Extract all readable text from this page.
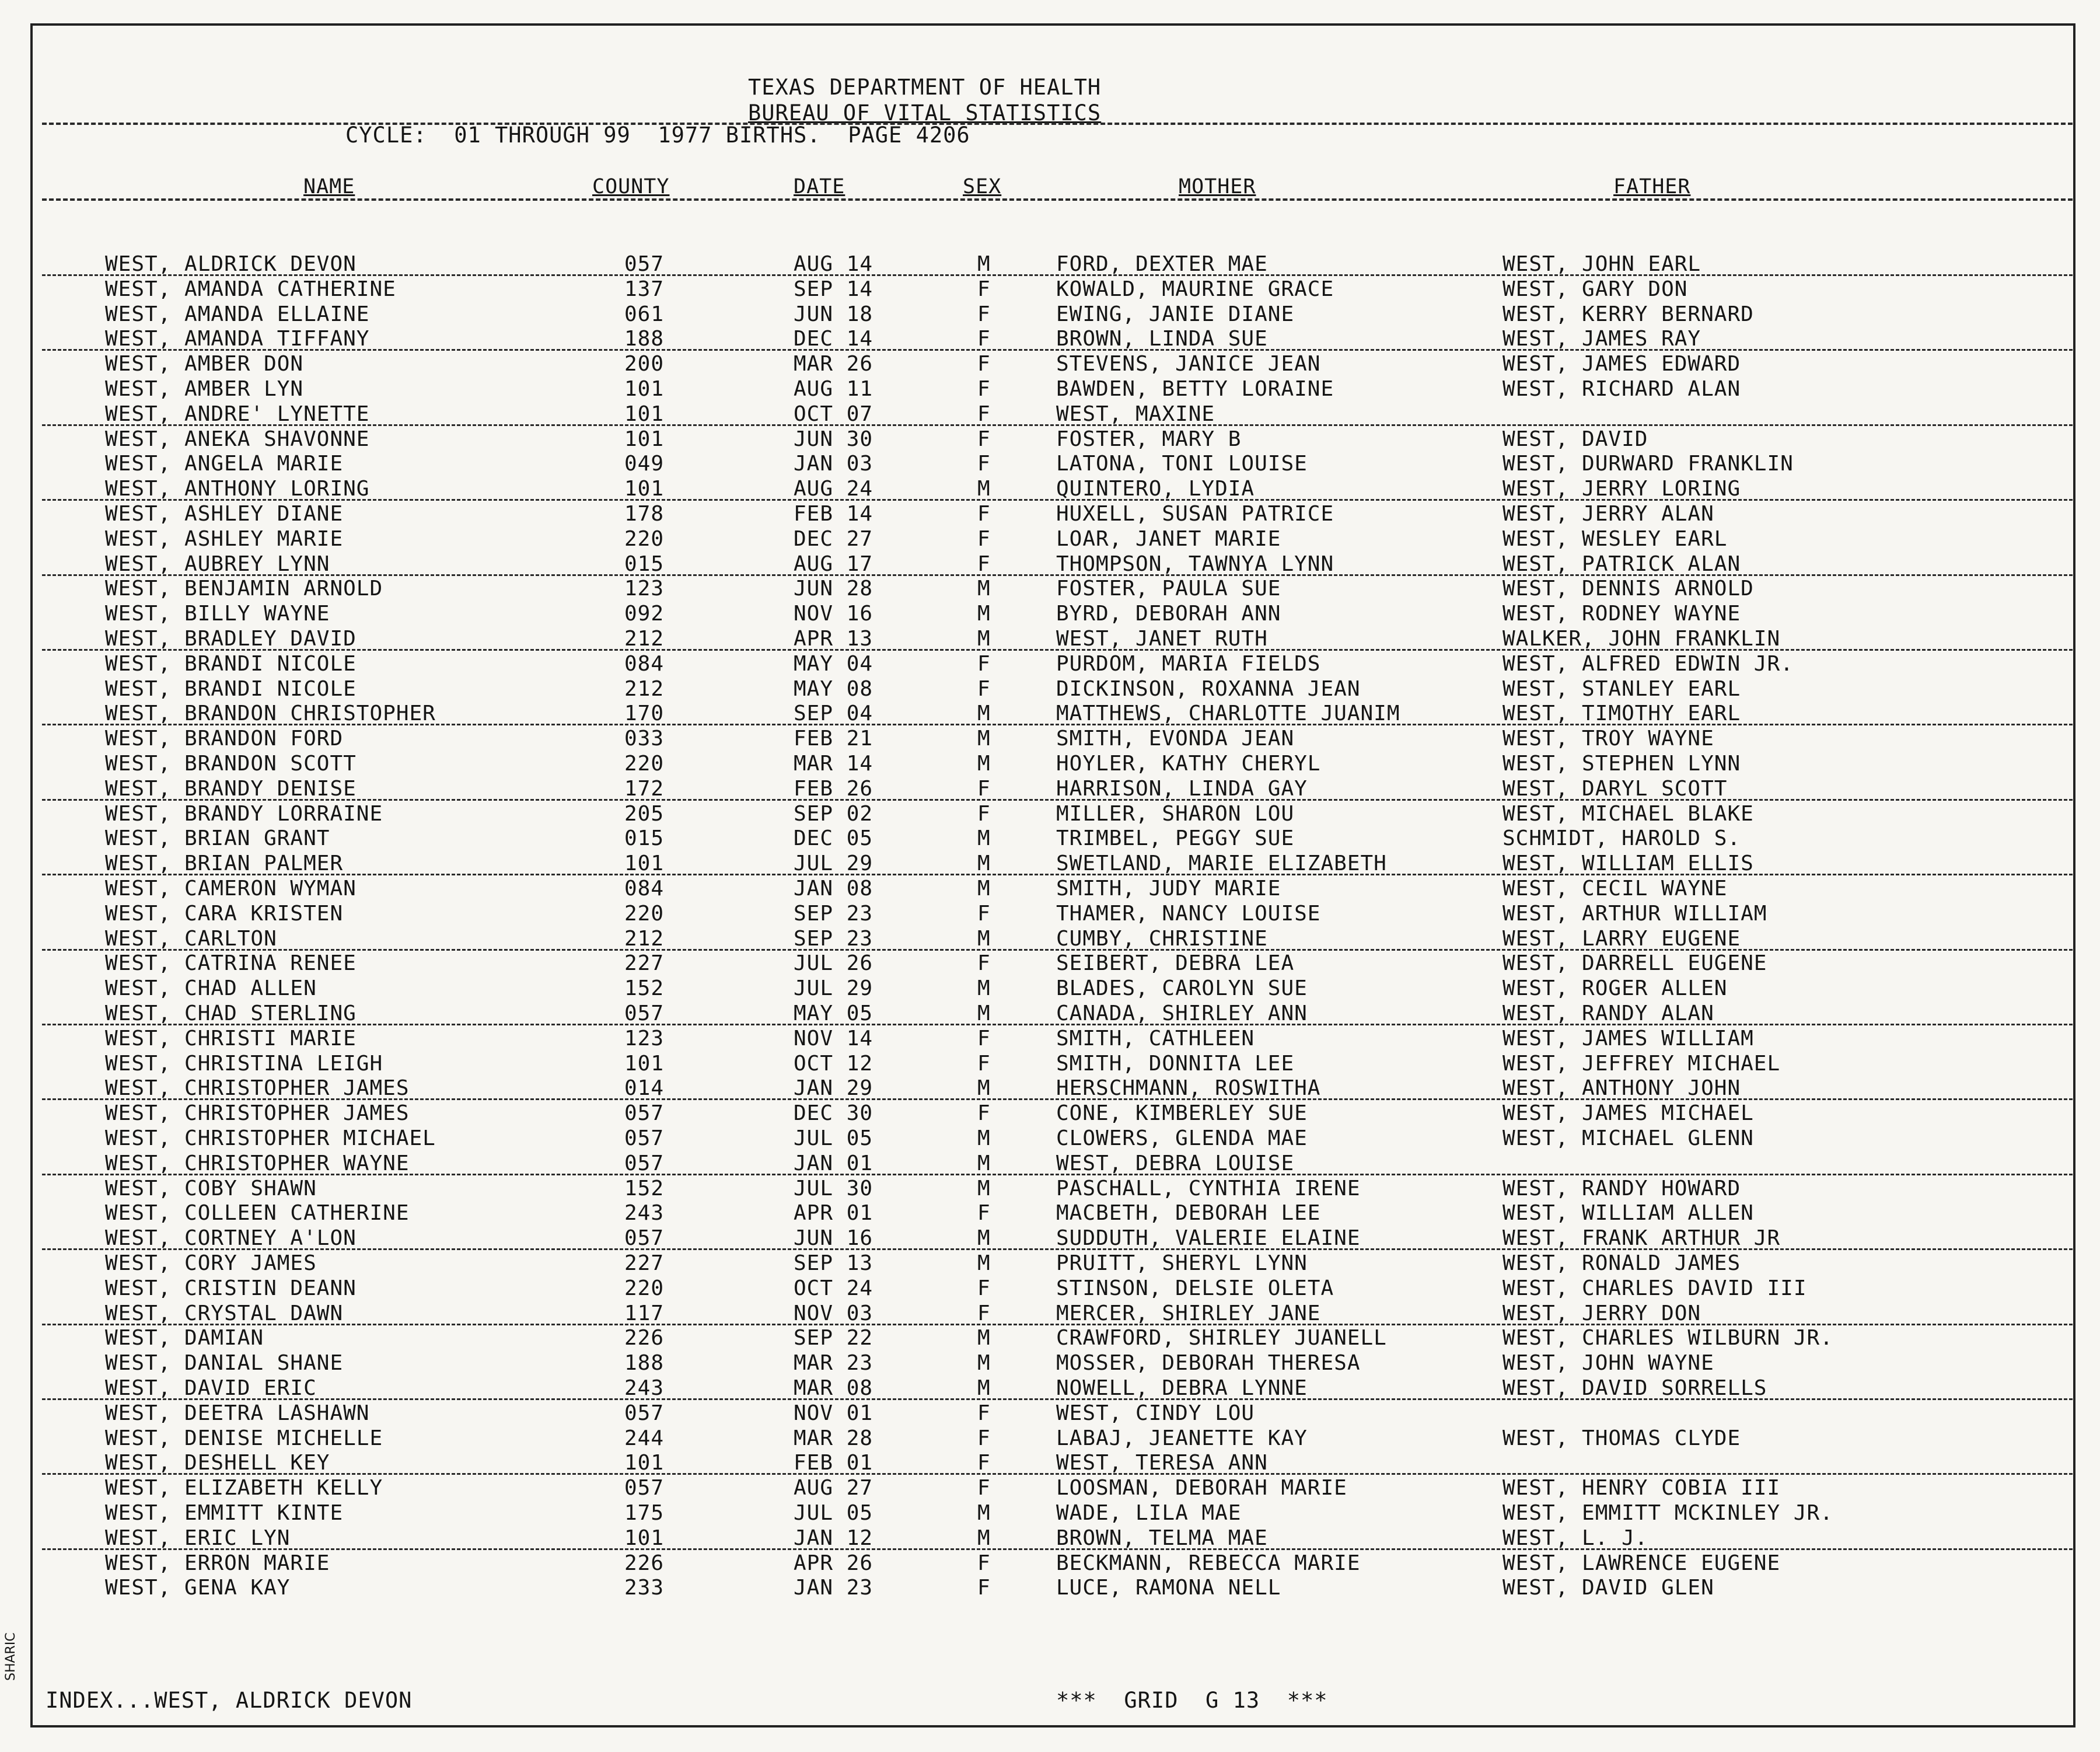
TEXAS DEPARTMENT OF HEALTH
BUREAU OF VITAL STATISTICS
CYCLE:  01 THROUGH 99  1977 BIRTHS.  PAGE 4206
NAME	COUNTY	DATE	SEX	MOTHER	FATHER
WEST, ALDRICK DEVON	057	AUG 14	M	FORD, DEXTER MAE	WEST, JOHN EARL
WEST, AMANDA CATHERINE	137	SEP 14	F	KOWALD, MAURINE GRACE	WEST, GARY DON
WEST, AMANDA ELLAINE	061	JUN 18	F	EWING, JANIE DIANE	WEST, KERRY BERNARD
WEST, AMANDA TIFFANY	188	DEC 14	F	BROWN, LINDA SUE	WEST, JAMES RAY
WEST, AMBER DON	200	MAR 26	F	STEVENS, JANICE JEAN	WEST, JAMES EDWARD
WEST, AMBER LYN	101	AUG 11	F	BAWDEN, BETTY LORAINE	WEST, RICHARD ALAN
WEST, ANDRE' LYNETTE	101	OCT 07	F	WEST, MAXINE
WEST, ANEKA SHAVONNE	101	JUN 30	F	FOSTER, MARY B	WEST, DAVID
WEST, ANGELA MARIE	049	JAN 03	F	LATONA, TONI LOUISE	WEST, DURWARD FRANKLIN
WEST, ANTHONY LORING	101	AUG 24	M	QUINTERO, LYDIA	WEST, JERRY LORING
WEST, ASHLEY DIANE	178	FEB 14	F	HUXELL, SUSAN PATRICE	WEST, JERRY ALAN
WEST, ASHLEY MARIE	220	DEC 27	F	LOAR, JANET MARIE	WEST, WESLEY EARL
WEST, AUBREY LYNN	015	AUG 17	F	THOMPSON, TAWNYA LYNN	WEST, PATRICK ALAN
WEST, BENJAMIN ARNOLD	123	JUN 28	M	FOSTER, PAULA SUE	WEST, DENNIS ARNOLD
WEST, BILLY WAYNE	092	NOV 16	M	BYRD, DEBORAH ANN	WEST, RODNEY WAYNE
WEST, BRADLEY DAVID	212	APR 13	M	WEST, JANET RUTH	WALKER, JOHN FRANKLIN
WEST, BRANDI NICOLE	084	MAY 04	F	PURDOM, MARIA FIELDS	WEST, ALFRED EDWIN JR.
WEST, BRANDI NICOLE	212	MAY 08	F	DICKINSON, ROXANNA JEAN	WEST, STANLEY EARL
WEST, BRANDON CHRISTOPHER	170	SEP 04	M	MATTHEWS, CHARLOTTE JUANIM	WEST, TIMOTHY EARL
WEST, BRANDON FORD	033	FEB 21	M	SMITH, EVONDA JEAN	WEST, TROY WAYNE
WEST, BRANDON SCOTT	220	MAR 14	M	HOYLER, KATHY CHERYL	WEST, STEPHEN LYNN
WEST, BRANDY DENISE	172	FEB 26	F	HARRISON, LINDA GAY	WEST, DARYL SCOTT
WEST, BRANDY LORRAINE	205	SEP 02	F	MILLER, SHARON LOU	WEST, MICHAEL BLAKE
WEST, BRIAN GRANT	015	DEC 05	M	TRIMBEL, PEGGY SUE	SCHMIDT, HAROLD S.
WEST, BRIAN PALMER	101	JUL 29	M	SWETLAND, MARIE ELIZABETH	WEST, WILLIAM ELLIS
WEST, CAMERON WYMAN	084	JAN 08	M	SMITH, JUDY MARIE	WEST, CECIL WAYNE
WEST, CARA KRISTEN	220	SEP 23	F	THAMER, NANCY LOUISE	WEST, ARTHUR WILLIAM
WEST, CARLTON	212	SEP 23	M	CUMBY, CHRISTINE	WEST, LARRY EUGENE
WEST, CATRINA RENEE	227	JUL 26	F	SEIBERT, DEBRA LEA	WEST, DARRELL EUGENE
WEST, CHAD ALLEN	152	JUL 29	M	BLADES, CAROLYN SUE	WEST, ROGER ALLEN
WEST, CHAD STERLING	057	MAY 05	M	CANADA, SHIRLEY ANN	WEST, RANDY ALAN
WEST, CHRISTI MARIE	123	NOV 14	F	SMITH, CATHLEEN	WEST, JAMES WILLIAM
WEST, CHRISTINA LEIGH	101	OCT 12	F	SMITH, DONNITA LEE	WEST, JEFFREY MICHAEL
WEST, CHRISTOPHER JAMES	014	JAN 29	M	HERSCHMANN, ROSWITHA	WEST, ANTHONY JOHN
WEST, CHRISTOPHER JAMES	057	DEC 30	F	CONE, KIMBERLEY SUE	WEST, JAMES MICHAEL
WEST, CHRISTOPHER MICHAEL	057	JUL 05	M	CLOWERS, GLENDA MAE	WEST, MICHAEL GLENN
WEST, CHRISTOPHER WAYNE	057	JAN 01	M	WEST, DEBRA LOUISE
WEST, COBY SHAWN	152	JUL 30	M	PASCHALL, CYNTHIA IRENE	WEST, RANDY HOWARD
WEST, COLLEEN CATHERINE	243	APR 01	F	MACBETH, DEBORAH LEE	WEST, WILLIAM ALLEN
WEST, CORTNEY A'LON	057	JUN 16	M	SUDDUTH, VALERIE ELAINE	WEST, FRANK ARTHUR JR
WEST, CORY JAMES	227	SEP 13	M	PRUITT, SHERYL LYNN	WEST, RONALD JAMES
WEST, CRISTIN DEANN	220	OCT 24	F	STINSON, DELSIE OLETA	WEST, CHARLES DAVID III
WEST, CRYSTAL DAWN	117	NOV 03	F	MERCER, SHIRLEY JANE	WEST, JERRY DON
WEST, DAMIAN	226	SEP 22	M	CRAWFORD, SHIRLEY JUANELL	WEST, CHARLES WILBURN JR.
WEST, DANIAL SHANE	188	MAR 23	M	MOSSER, DEBORAH THERESA	WEST, JOHN WAYNE
WEST, DAVID ERIC	243	MAR 08	M	NOWELL, DEBRA LYNNE	WEST, DAVID SORRELLS
WEST, DEETRA LASHAWN	057	NOV 01	F	WEST, CINDY LOU
WEST, DENISE MICHELLE	244	MAR 28	F	LABAJ, JEANETTE KAY	WEST, THOMAS CLYDE
WEST, DESHELL KEY	101	FEB 01	F	WEST, TERESA ANN
WEST, ELIZABETH KELLY	057	AUG 27	F	LOOSMAN, DEBORAH MARIE	WEST, HENRY COBIA III
WEST, EMMITT KINTE	175	JUL 05	M	WADE, LILA MAE	WEST, EMMITT MCKINLEY JR.
WEST, ERIC LYN	101	JAN 12	M	BROWN, TELMA MAE	WEST, L. J.
WEST, ERRON MARIE	226	APR 26	F	BECKMANN, REBECCA MARIE	WEST, LAWRENCE EUGENE
WEST, GENA KAY	233	JAN 23	F	LUCE, RAMONA NELL	WEST, DAVID GLEN
INDEX...WEST, ALDRICK DEVON	***  GRID  G 13  ***
SHARIC
